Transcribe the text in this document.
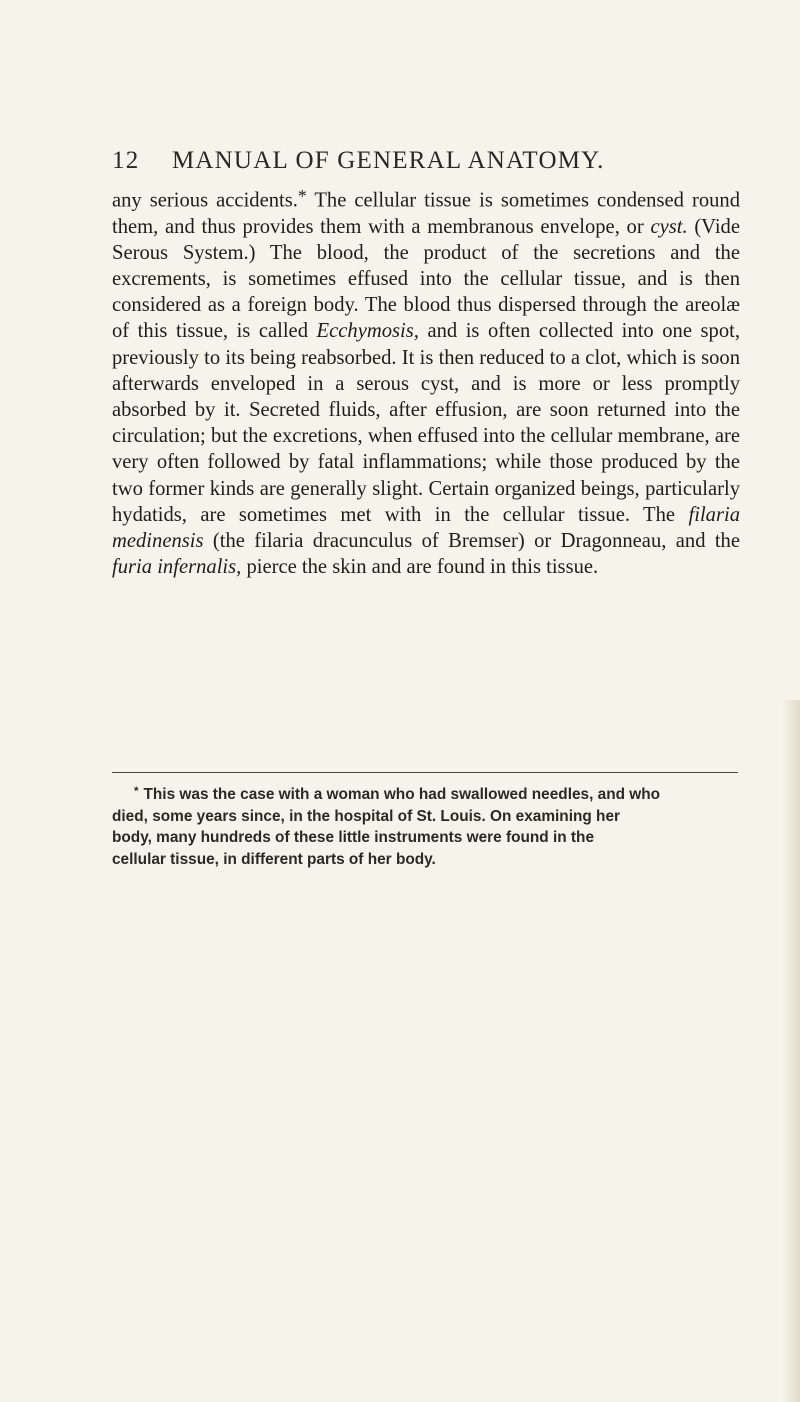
12 MANUAL OF GENERAL ANATOMY.

any serious accidents.* The cellular tissue is sometimes condensed round them, and thus provides them with a membranous envelope, or cyst. (Vide Serous System.) The blood, the product of the secretions and the excrements, is sometimes effused into the cellular tissue, and is then considered as a foreign body. The blood thus dispersed through the areolæ of this tissue, is called Ecchymosis, and is often collected into one spot, previously to its being reabsorbed. It is then reduced to a clot, which is soon afterwards enveloped in a serous cyst, and is more or less promptly absorbed by it. Secreted fluids, after effusion, are soon returned into the circulation; but the excretions, when effused into the cellular membrane, are very often followed by fatal inflammations; while those produced by the two former kinds are generally slight. Certain organized beings, particularly hydatids, are sometimes met with in the cellular tissue. The filaria medinensis (the filaria dracunculus of Bremser) or Dragonneau, and the furia infernalis, pierce the skin and are found in this tissue.

* This was the case with a woman who had swallowed needles, and who
died, some years since, in the hospital of St. Louis. On examining her
body, many hundreds of these little instruments were found in the
cellular tissue, in different parts of her body.
